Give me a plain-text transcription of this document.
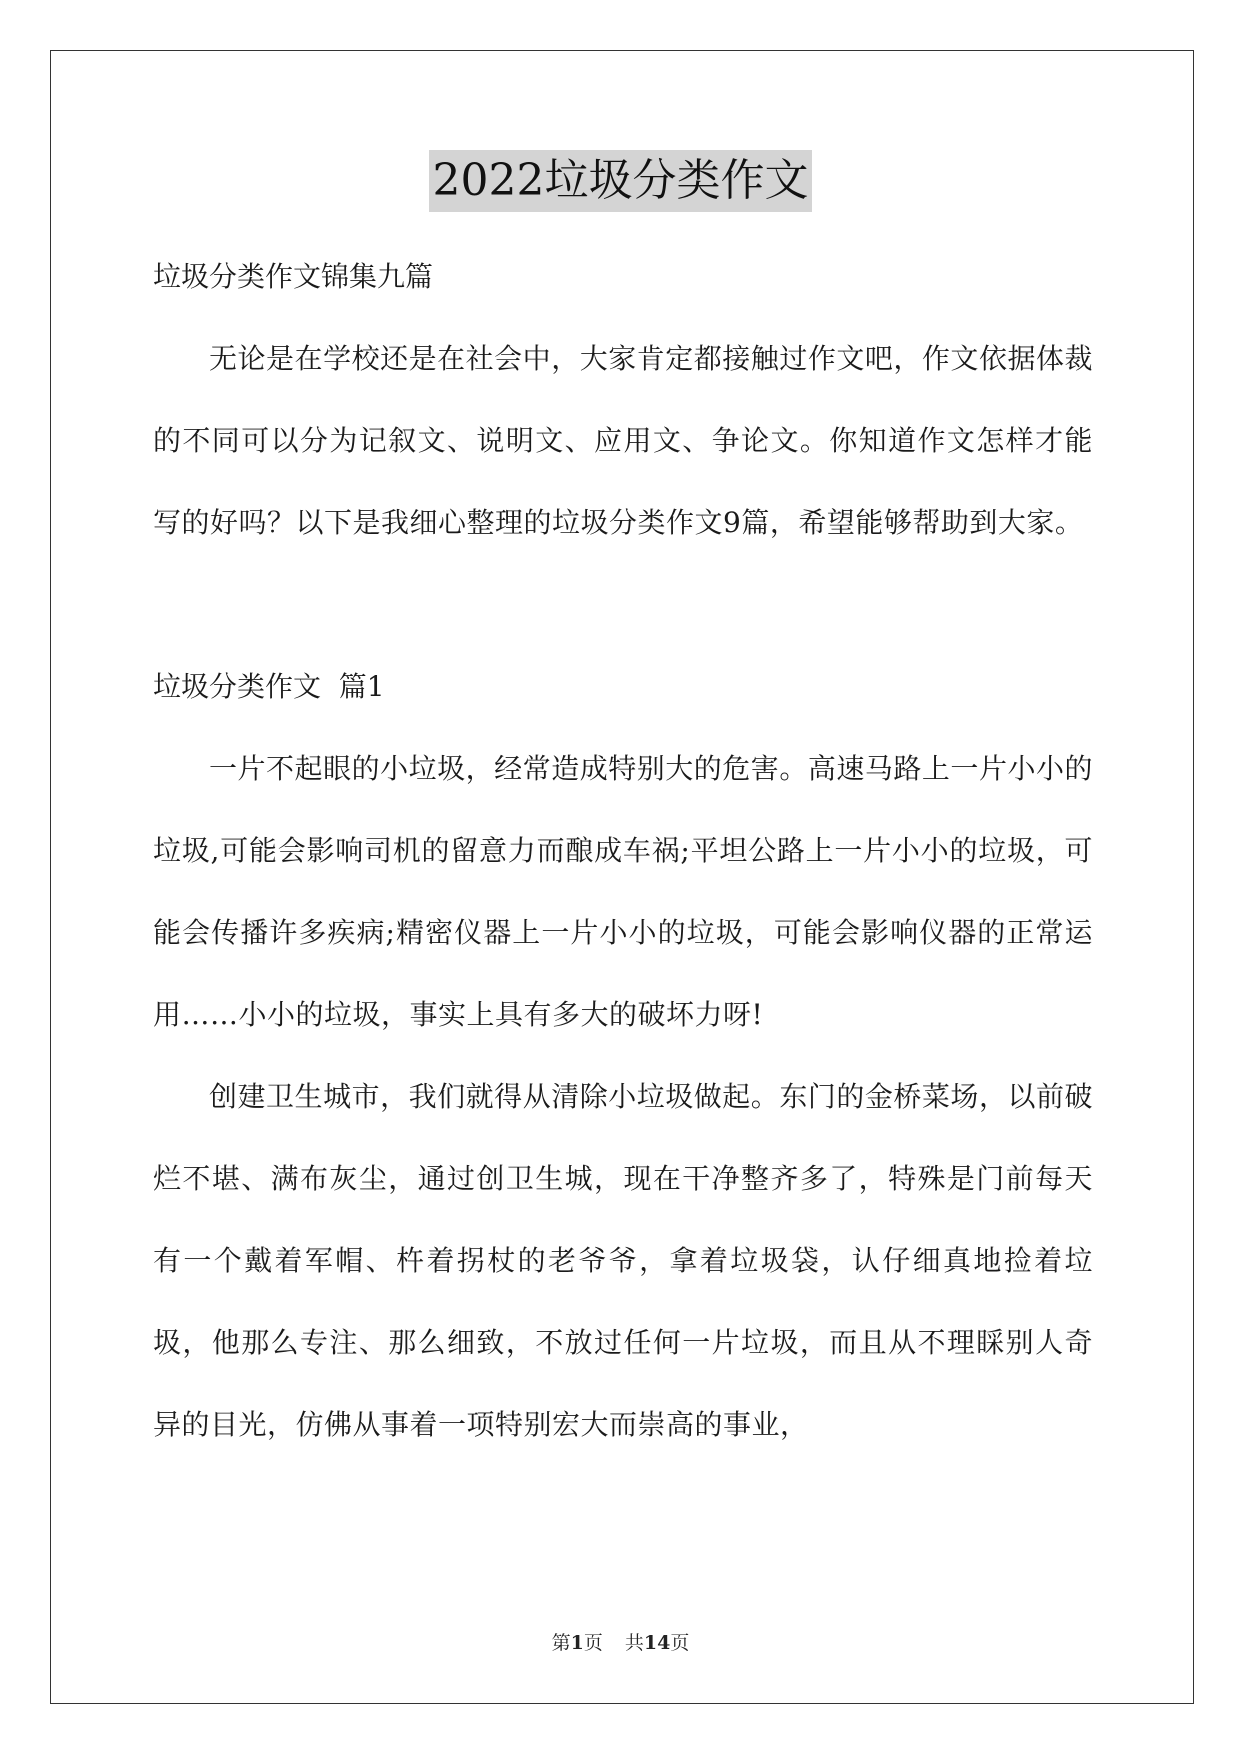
2022垃圾分类作文

垃圾分类作文锦集九篇

无论是在学校还是在社会中，大家肯定都接触过作文吧，作文依据体裁的不同可以分为记叙文、说明文、应用文、争论文。你知道作文怎样才能写的好吗？以下是我细心整理的垃圾分类作文9篇，希望能够帮助到大家。

垃圾分类作文  篇1

一片不起眼的小垃圾，经常造成特别大的危害。高速马路上一片小小的垃圾,可能会影响司机的留意力而酿成车祸;平坦公路上一片小小的垃圾，可能会传播许多疾病;精密仪器上一片小小的垃圾，可能会影响仪器的正常运用……小小的垃圾，事实上具有多大的破坏力呀!

创建卫生城市，我们就得从清除小垃圾做起。东门的金桥菜场，以前破烂不堪、满布灰尘，通过创卫生城，现在干净整齐多了，特殊是门前每天有一个戴着军帽、杵着拐杖的老爷爷，拿着垃圾袋，认仔细真地捡着垃圾，他那么专注、那么细致，不放过任何一片垃圾，而且从不理睬别人奇异的目光，仿佛从事着一项特别宏大而崇高的事业，

第1页 共14页
